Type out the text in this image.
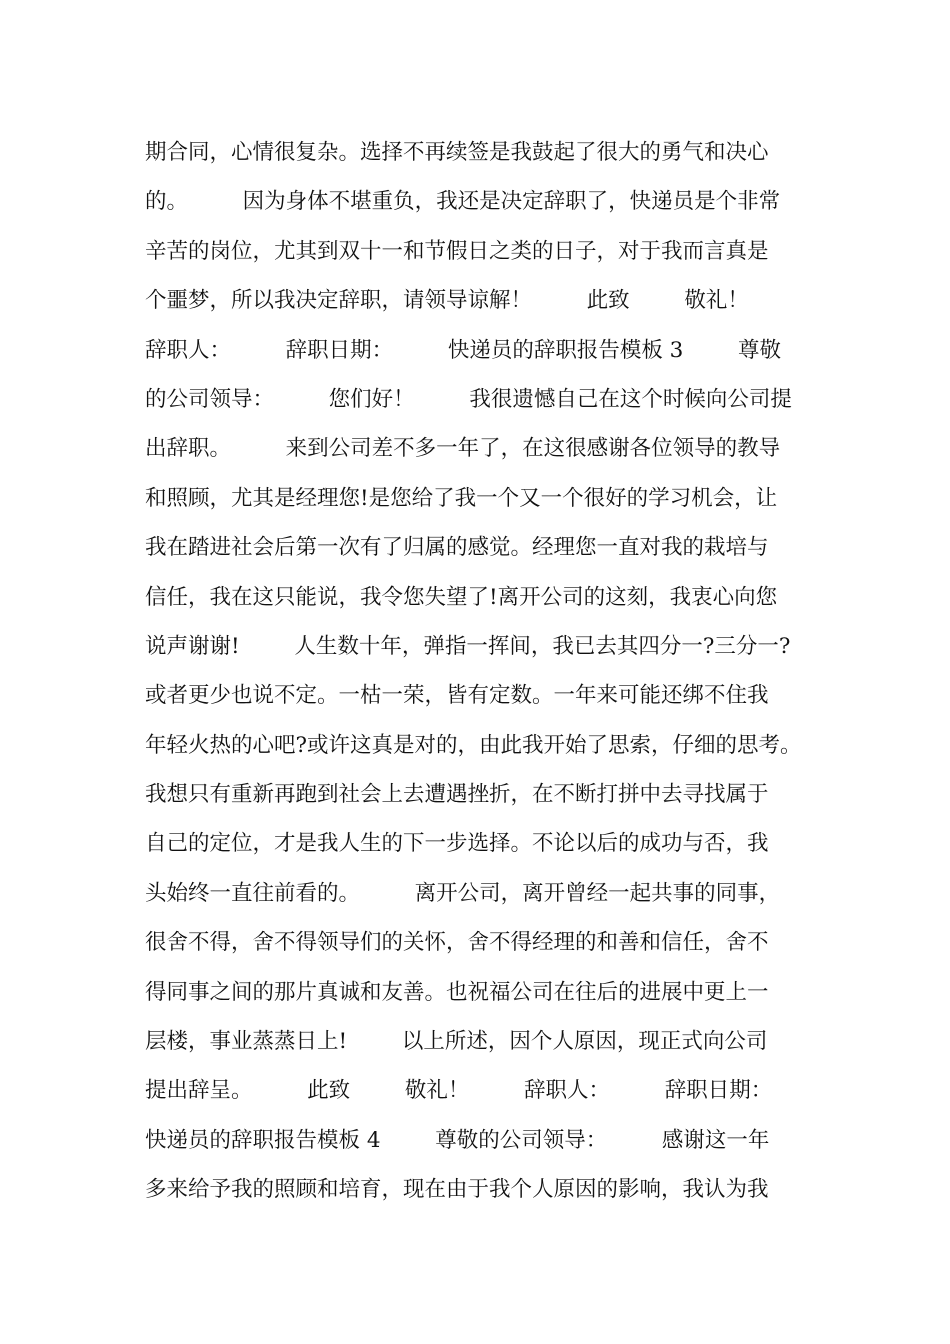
期合同，心情很复杂。选择不再续签是我鼓起了很大的勇气和决心
的。        因为身体不堪重负，我还是决定辞职了，快递员是个非常
辛苦的岗位，尤其到双十一和节假日之类的日子，对于我而言真是
个噩梦，所以我决定辞职，请领导谅解！        此致        敬礼！
辞职人：        辞职日期：        快递员的辞职报告模板 3        尊敬
的公司领导：        您们好！        我很遗憾自己在这个时候向公司提
出辞职。        来到公司差不多一年了，在这很感谢各位领导的教导
和照顾，尤其是经理您!是您给了我一个又一个很好的学习机会，让
我在踏进社会后第一次有了归属的感觉。经理您一直对我的栽培与
信任，我在这只能说，我令您失望了!离开公司的这刻，我衷心向您
说声谢谢!        人生数十年，弹指一挥间，我已去其四分一?三分一?
或者更少也说不定。一枯一荣，皆有定数。一年来可能还绑不住我
年轻火热的心吧?或许这真是对的，由此我开始了思索，仔细的思考。
我想只有重新再跑到社会上去遭遇挫折，在不断打拼中去寻找属于
自己的定位，才是我人生的下一步选择。不论以后的成功与否，我
头始终一直往前看的。        离开公司，离开曾经一起共事的同事，
很舍不得，舍不得领导们的关怀，舍不得经理的和善和信任，舍不
得同事之间的那片真诚和友善。也祝福公司在往后的进展中更上一
层楼，事业蒸蒸日上!        以上所述，因个人原因，现正式向公司
提出辞呈。        此致        敬礼！        辞职人：        辞职日期：
快递员的辞职报告模板 4        尊敬的公司领导：        感谢这一年
多来给予我的照顾和培育，现在由于我个人原因的影响，我认为我
